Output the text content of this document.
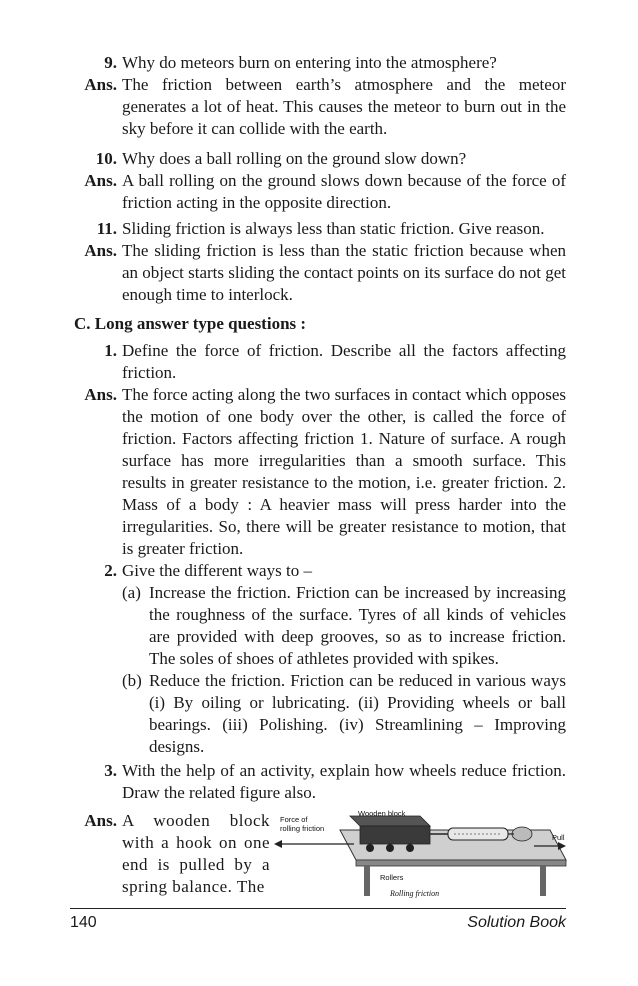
9. Why do meteors burn on entering into the atmosphere?
Ans. The friction between earth’s atmosphere and the meteor generates a lot of heat. This causes the meteor to burn out in the sky before it can collide with the earth.
10. Why does a ball rolling on the ground slow down?
Ans. A ball rolling on the ground slows down because of the force of friction acting in the opposite direction.
11. Sliding friction is always less than static friction. Give reason.
Ans. The sliding friction is less than the static friction because when an object starts sliding the contact points on its surface do not get enough time to interlock.
C. Long answer type questions :
1. Define the force of friction. Describe all the factors affecting friction.
Ans. The force acting along the two surfaces in contact which opposes the motion of one body over the other, is called the force of friction. Factors affecting friction 1. Nature of surface. A rough surface has more irregularities than a smooth surface. This results in greater resistance to the motion, i.e. greater friction. 2. Mass of a body : A heavier mass will press harder into the irregularities. So, there will be greater resistance to motion, that is greater friction.
2. Give the different ways to –
(a) Increase the friction. Friction can be increased by increasing the roughness of the surface. Tyres of all kinds of vehicles are provided with deep grooves, so as to increase friction. The soles of shoes of athletes provided with spikes.
(b) Reduce the friction. Friction can be reduced in various ways (i) By oiling or lubricating. (ii) Providing wheels or ball bearings. (iii) Polishing. (iv) Streamlining – Improving designs.
3. With the help of an activity, explain how wheels reduce friction. Draw the related figure also.
Ans. A wooden block with a hook on one end is pulled by a spring balance. The
Wooden block
Force of
rolling friction
Pull
Rollers
Rolling friction
140	Solution Book
